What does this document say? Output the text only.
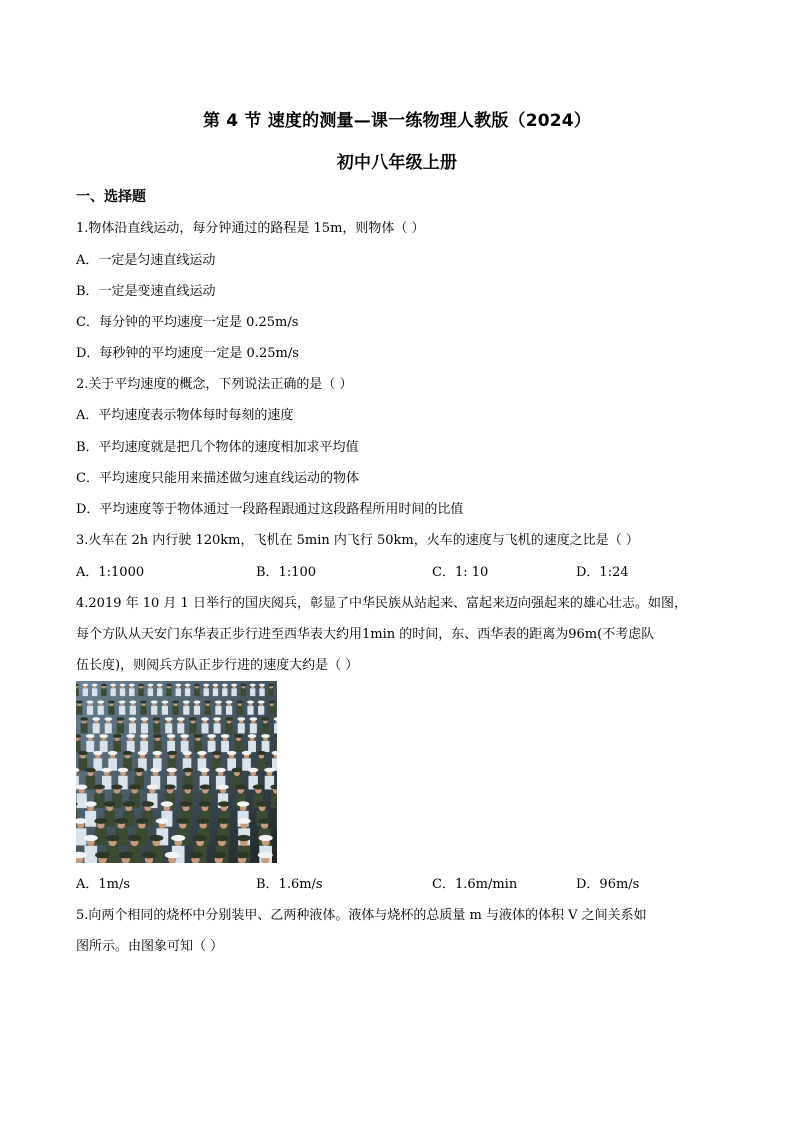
第 4 节 速度的测量—课一练物理人教版（2024）
初中八年级上册
一、选择题
1.物体沿直线运动，每分钟通过的路程是 15m，则物体（ ）
A．一定是匀速直线运动
B．一定是变速直线运动
C．每分钟的平均速度一定是 0.25m/s
D．每秒钟的平均速度一定是 0.25m/s
2.关于平均速度的概念，下列说法正确的是（ ）
A．平均速度表示物体每时每刻的速度
B．平均速度就是把几个物体的速度相加求平均值
C．平均速度只能用来描述做匀速直线运动的物体
D．平均速度等于物体通过一段路程跟通过这段路程所用时间的比值
3.火车在 2h 内行驶 120km，飞机在 5min 内飞行 50km，火车的速度与飞机的速度之比是（ ）
A．1:1000	B．1:100	C．1: 10	D．1:24
4.2019 年 10 月 1 日举行的国庆阅兵，彰显了中华民族从站起来、富起来迈向强起来的雄心壮志。如图，
每个方队从天安门东华表正步行进至西华表大约用1min 的时间，东、西华表的距离为96m(不考虑队
伍长度)，则阅兵方队正步行进的速度大约是（ ）
A．1m/s	B．1.6m/s	C．1.6m/min	D．96m/s
5.向两个相同的烧杯中分别装甲、乙两种液体。液体与烧杯的总质量 m 与液体的体积 V 之间关系如
图所示。由图象可知（ ）
